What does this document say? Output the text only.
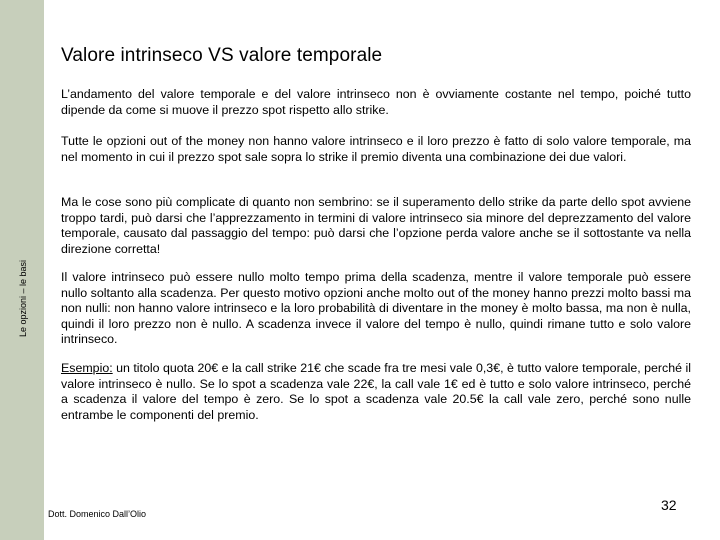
Le opzioni – le basi
Valore intrinseco VS valore temporale

L’andamento del valore temporale e del valore intrinseco non è ovviamente costante nel tempo, poiché tutto dipende da come si muove il prezzo spot rispetto allo strike.

Tutte le opzioni out of the money non hanno valore intrinseco e il loro prezzo è fatto di solo valore temporale, ma nel momento in cui il prezzo spot sale sopra lo strike il premio diventa una combinazione dei due valori.

Ma le cose sono più complicate di quanto non sembrino: se il superamento dello strike da parte dello spot avviene troppo tardi, può darsi che l’apprezzamento in termini di valore intrinseco sia minore del deprezzamento del valore temporale, causato dal passaggio del tempo: può darsi che l’opzione perda valore anche se il sottostante va nella direzione corretta!

Il valore intrinseco può essere nullo molto tempo prima della scadenza, mentre il valore temporale può essere nullo soltanto alla scadenza. Per questo motivo opzioni anche molto out of the money hanno prezzi molto bassi ma non nulli: non hanno valore intrinseco e la loro probabilità di diventare in the money è molto bassa, ma non è nulla, quindi il loro prezzo non è nullo. A scadenza invece il valore del tempo è nullo, quindi rimane tutto e solo valore intrinseco.

Esempio: un titolo quota 20€ e la call strike 21€ che scade fra tre mesi vale 0,3€, è tutto valore temporale, perché il valore intrinseco è nullo. Se lo spot a scadenza vale 22€, la call vale 1€ ed è tutto e solo valore intrinseco, perché a scadenza il valore del tempo è zero. Se lo spot a scadenza vale 20.5€ la call vale zero, perché sono nulle entrambe le componenti del premio.

Dott. Domenico Dall’Olio
32
